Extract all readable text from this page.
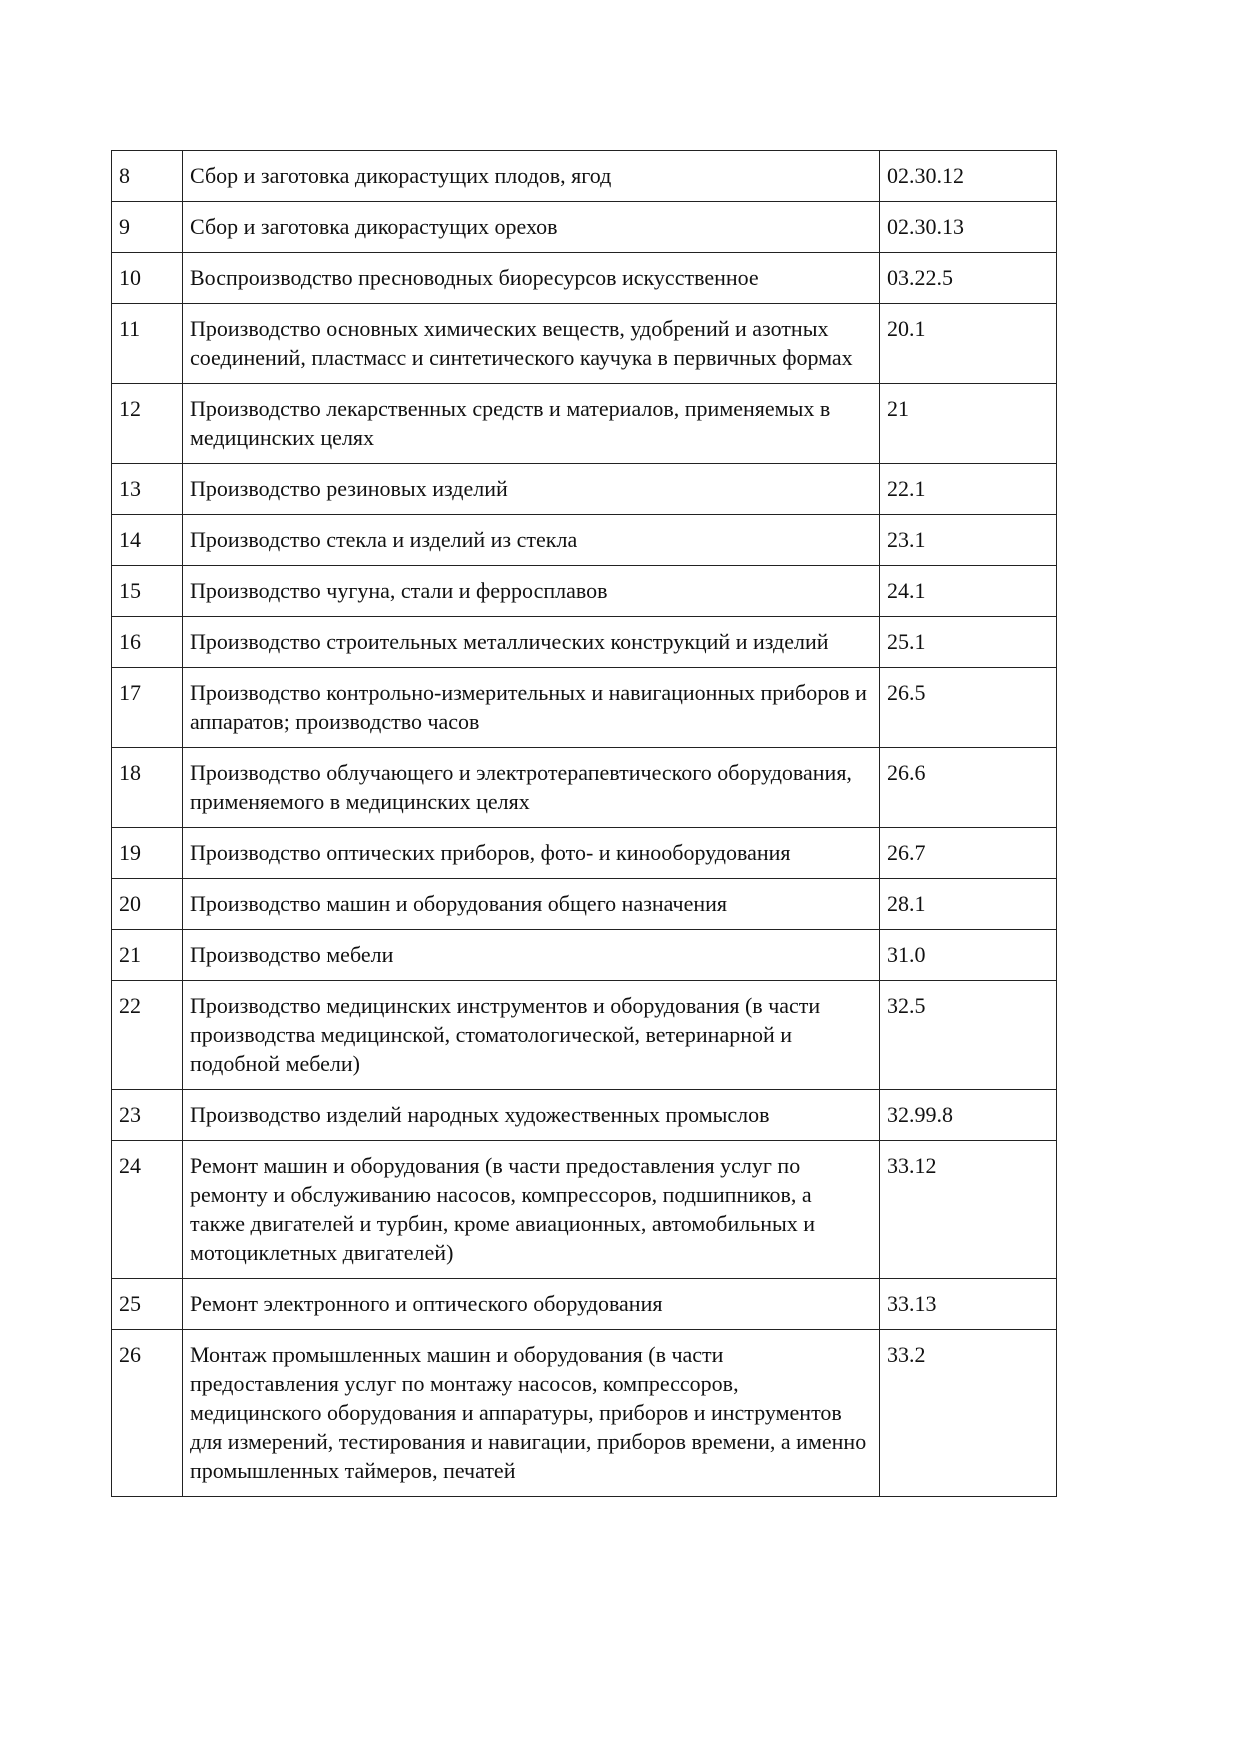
8	Сбор и заготовка дикорастущих плодов, ягод	02.30.12
9	Сбор и заготовка дикорастущих орехов	02.30.13
10	Воспроизводство пресноводных биоресурсов искусственное	03.22.5
11	Производство основных химических веществ, удобрений и азотных соединений, пластмасс и синтетического каучука в первичных формах	20.1
12	Производство лекарственных средств и материалов, применяемых в медицинских целях	21
13	Производство резиновых изделий	22.1
14	Производство стекла и изделий из стекла	23.1
15	Производство чугуна, стали и ферросплавов	24.1
16	Производство строительных металлических конструкций и изделий	25.1
17	Производство контрольно-измерительных и навигационных приборов и аппаратов; производство часов	26.5
18	Производство облучающего и электротерапевтического оборудования, применяемого в медицинских целях	26.6
19	Производство оптических приборов, фото- и кинооборудования	26.7
20	Производство машин и оборудования общего назначения	28.1
21	Производство мебели	31.0
22	Производство медицинских инструментов и оборудования (в части производства медицинской, стоматологической, ветеринарной и подобной мебели)	32.5
23	Производство изделий народных художественных промыслов	32.99.8
24	Ремонт машин и оборудования (в части предоставления услуг по ремонту и обслуживанию насосов, компрессоров, подшипников, а также двигателей и турбин, кроме авиационных, автомобильных и мотоциклетных двигателей)	33.12
25	Ремонт электронного и оптического оборудования	33.13
26	Монтаж промышленных машин и оборудования (в части предоставления услуг по монтажу насосов, компрессоров, медицинского оборудования и аппаратуры, приборов и инструментов для измерений, тестирования и навигации, приборов времени, а именно промышленных таймеров, печатей	33.2
